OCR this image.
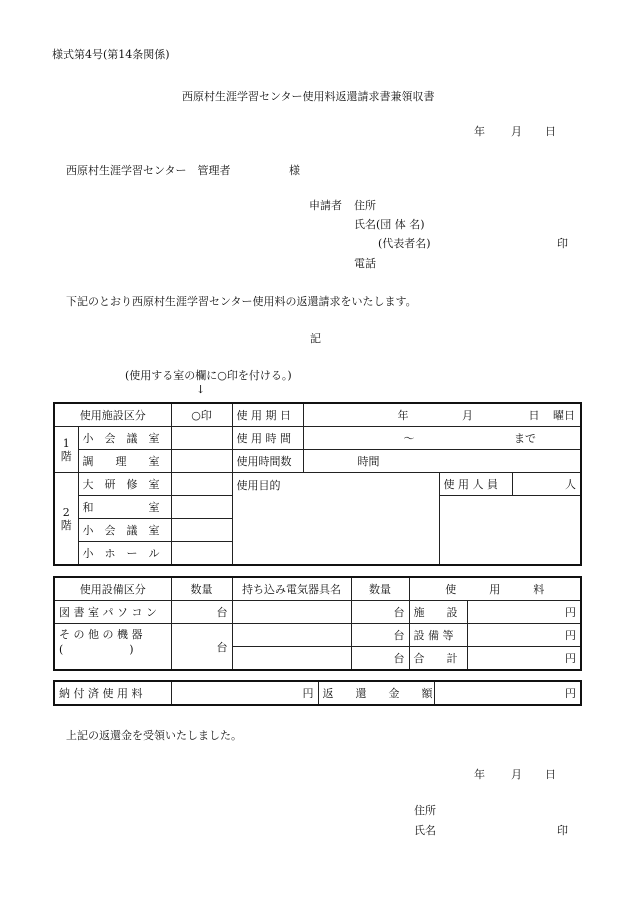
様式第4号(第14条関係)
西原村生涯学習センター使用料返還請求書兼領収書
年 月 日
西原村生涯学習センター　管理者	様
申請者 住所
氏名(団 体 名)
(代表者名)	印
電話
下記のとおり西原村生涯学習センター使用料の返還請求をいたします。
記
(使用する室の欄に○印を付ける。)
↓
使用施設区分		○印	使 用 期 日	年 月 日 曜日		
1
階	小　会　議　室		使 用 時 間	～ まで		
	調　　理　　室		使用時間数	時間		
2
階	大　研　修　室		使用目的		使 用 人 員	人
	和　　　　　室					
	小　会　議　室					
	小　ホ　ー　ル					
使用設備区分	数量	持ち込み電気器具名	数量	使　　　用　　　料	
図 書 室 パ ソ コ ン	台		台	施　　設	円

そ の 他 の 機 器
(　　　　　　)	台		台	設 備 等	円
			台	合　　計	円
納 付 済 使 用 料	円	返　　還　　金　　額	円
上記の返還金を受領いたしました。
年 月 日
住所
氏名	印
